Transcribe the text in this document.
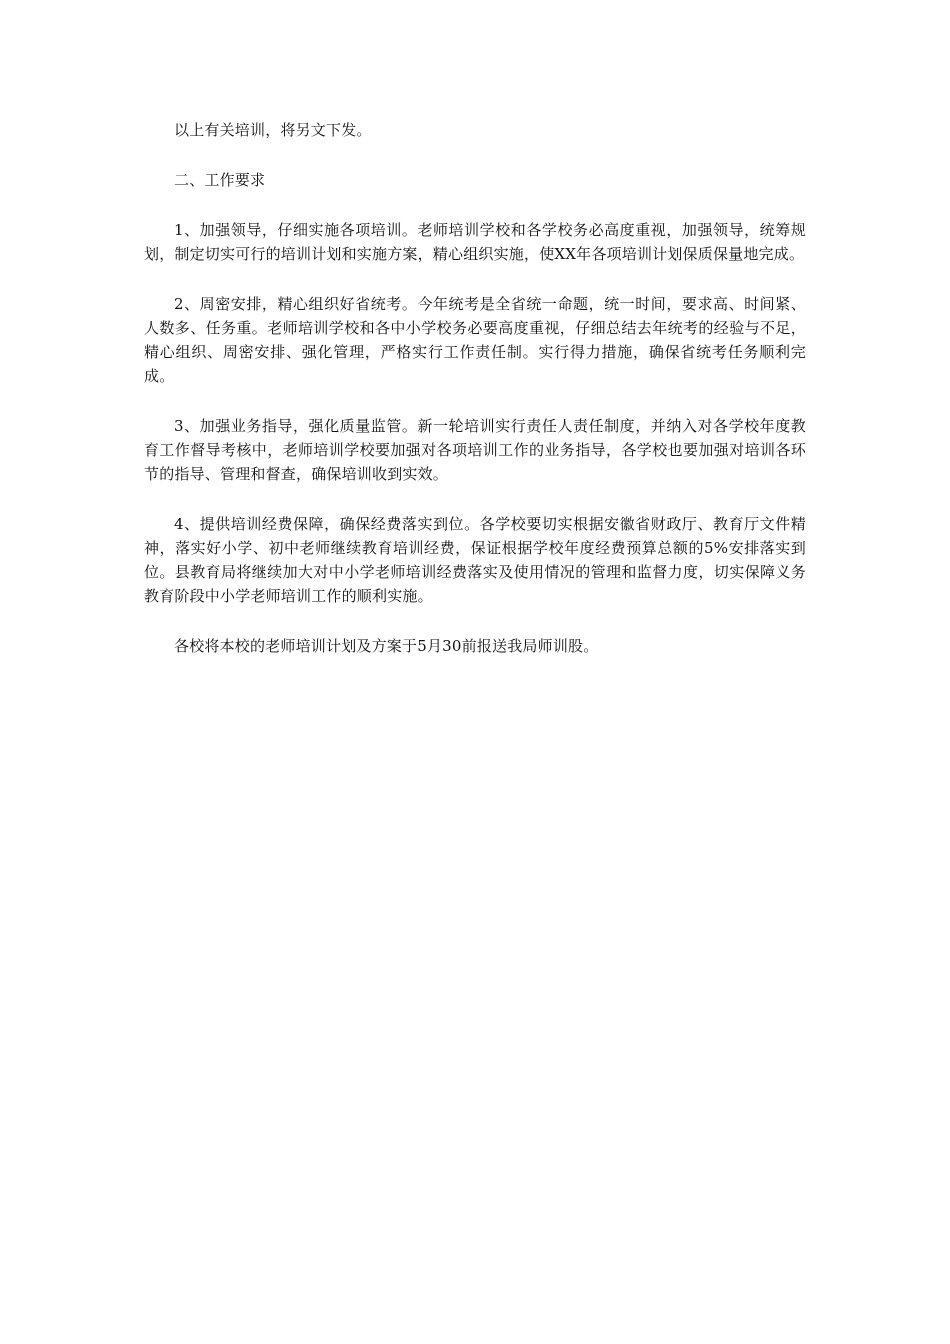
以上有关培训，将另文下发。

二、工作要求

1、加强领导，仔细实施各项培训。老师培训学校和各学校务必高度重视，加强领导，统筹规划，制定切实可行的培训计划和实施方案，精心组织实施，使XX年各项培训计划保质保量地完成。

2、周密安排，精心组织好省统考。今年统考是全省统一命题，统一时间，要求高、时间紧、人数多、任务重。老师培训学校和各中小学校务必要高度重视，仔细总结去年统考的经验与不足，精心组织、周密安排、强化管理，严格实行工作责任制。实行得力措施，确保省统考任务顺利完成。

3、加强业务指导，强化质量监管。新一轮培训实行责任人责任制度，并纳入对各学校年度教育工作督导考核中，老师培训学校要加强对各项培训工作的业务指导，各学校也要加强对培训各环节的指导、管理和督查，确保培训收到实效。

4、提供培训经费保障，确保经费落实到位。各学校要切实根据安徽省财政厅、教育厅文件精神，落实好小学、初中老师继续教育培训经费，保证根据学校年度经费预算总额的5%安排落实到位。县教育局将继续加大对中小学老师培训经费落实及使用情况的管理和监督力度，切实保障义务教育阶段中小学老师培训工作的顺利实施。

各校将本校的老师培训计划及方案于5月30前报送我局师训股。
